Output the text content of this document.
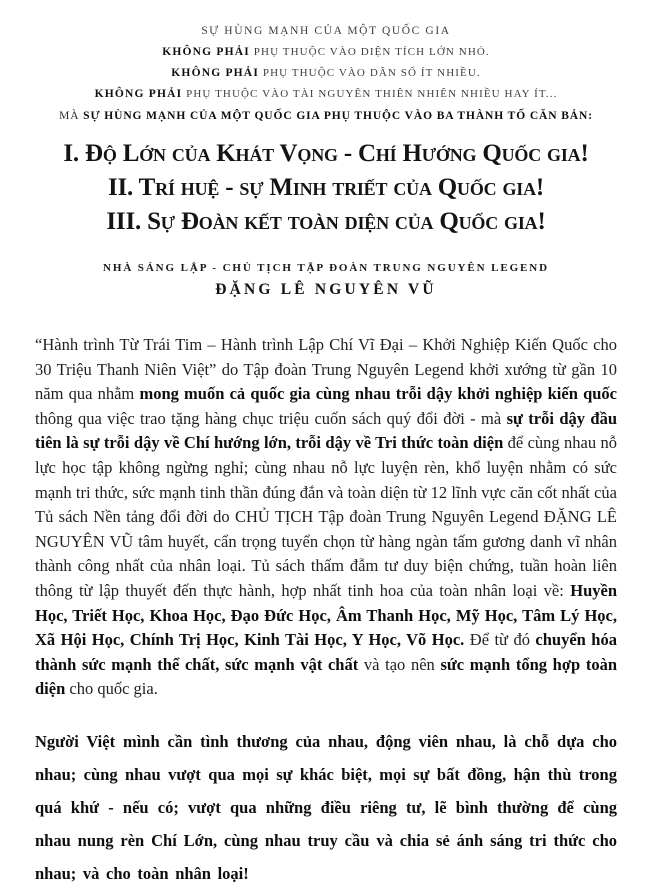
SỰ HÙNG MẠNH CỦA MỘT QUỐC GIA

KHÔNG PHẢI PHỤ THUỘC VÀO DIỆN TÍCH LỚN NHỎ.

KHÔNG PHẢI PHỤ THUỘC VÀO DÂN SỐ ÍT NHIỀU.

KHÔNG PHẢI PHỤ THUỘC VÀO TÀI NGUYÊN THIÊN NHIÊN NHIỀU HAY ÍT...

MÀ SỰ HÙNG MẠNH CỦA MỘT QUỐC GIA PHỤ THUỘC VÀO BA THÀNH TỐ CĂN BẢN:

I. Độ Lớn của Khát Vọng - Chí Hướng Quốc gia!
II. Trí huệ - sự Minh triết của Quốc gia!
III. Sự Đoàn kết toàn diện của Quốc gia!

NHÀ SÁNG LẬP - CHỦ TỊCH TẬP ĐOÀN TRUNG NGUYÊN LEGEND

ĐẶNG LÊ NGUYÊN VŨ

“Hành trình Từ Trái Tim – Hành trình Lập Chí Vĩ Đại – Khởi Nghiệp Kiến Quốc cho 30 Triệu Thanh Niên Việt” do Tập đoàn Trung Nguyên Legend khởi xướng từ gần 10 năm qua nhằm mong muốn cả quốc gia cùng nhau trỗi dậy khởi nghiệp kiến quốc thông qua việc trao tặng hàng chục triệu cuốn sách quý đổi đời - mà sự trỗi dậy đầu tiên là sự trỗi dậy về Chí hướng lớn, trỗi dậy về Tri thức toàn diện để cùng nhau nỗ lực học tập không ngừng nghỉ; cùng nhau nỗ lực luyện rèn, khổ luyện nhằm có sức mạnh tri thức, sức mạnh tinh thần đúng đắn và toàn diện từ 12 lĩnh vực căn cốt nhất của Tủ sách Nền tảng đổi đời do CHỦ TỊCH Tập đoàn Trung Nguyên Legend ĐẶNG LÊ NGUYÊN VŨ tâm huyết, cẩn trọng tuyển chọn từ hàng ngàn tấm gương danh vĩ nhân thành công nhất của nhân loại. Tủ sách thấm đẫm tư duy biện chứng, tuần hoàn liên thông từ lập thuyết đến thực hành, hợp nhất tinh hoa của toàn nhân loại về: Huyền Học, Triết Học, Khoa Học, Đạo Đức Học, Âm Thanh Học, Mỹ Học, Tâm Lý Học, Xã Hội Học, Chính Trị Học, Kinh Tài Học, Y Học, Võ Học. Để từ đó chuyển hóa thành sức mạnh thể chất, sức mạnh vật chất và tạo nên sức mạnh tổng hợp toàn diện cho quốc gia.

Người Việt mình cần tình thương của nhau, động viên nhau, là chỗ dựa cho nhau; cùng nhau vượt qua mọi sự khác biệt, mọi sự bất đồng, hận thù trong quá khứ - nếu có; vượt qua những điều riêng tư, lẽ bình thường để cùng nhau nung rèn Chí Lớn, cùng nhau truy cầu và chia sẻ ánh sáng tri thức cho nhau; và cho toàn nhân loại!
